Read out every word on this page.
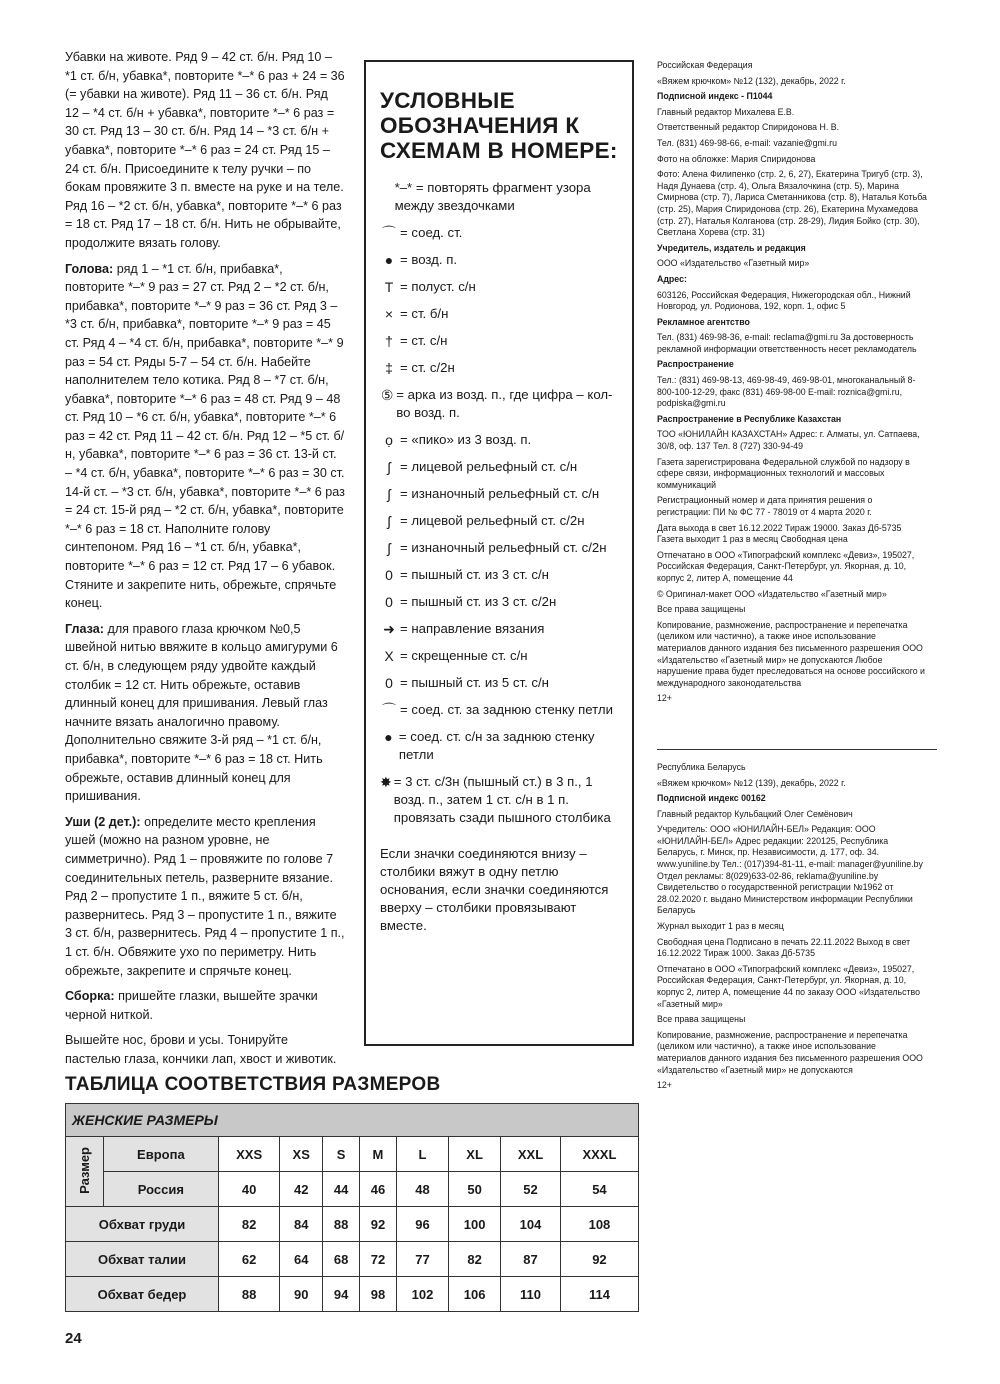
Убавки на животе. Ряд 9 – 42 ст. б/н. Ряд 10 – *1 ст. б/н, убавка*, повторите *–* 6 раз + 24 = 36 (= убавки на животе). Ряд 11 – 36 ст. б/н. Ряд 12 – *4 ст. б/н + убавка*, повторите *–* 6 раз = 30 ст. Ряд 13 – 30 ст. б/н. Ряд 14 – *3 ст. б/н + убавка*, повторите *–* 6 раз = 24 ст. Ряд 15 – 24 ст. б/н. Присоедините к телу ручки – по бокам провяжите 3 п. вместе на руке и на теле. Ряд 16 – *2 ст. б/н, убавка*, повторите *–* 6 раз = 18 ст. Ряд 17 – 18 ст. б/н. Нить не обрывайте, продолжите вязать голову.

Голова: ряд 1 – *1 ст. б/н, прибавка*, повторите *–* 9 раз = 27 ст. Ряд 2 – *2 ст. б/н, прибавка*, повторите *–* 9 раз = 36 ст. Ряд 3 – *3 ст. б/н, прибавка*, повторите *–* 9 раз = 45 ст. Ряд 4 – *4 ст. б/н, прибавка*, повторите *–* 9 раз = 54 ст. Ряды 5-7 – 54 ст. б/н. Набейте наполнителем тело котика. Ряд 8 – *7 ст. б/н, убавка*, повторите *–* 6 раз = 48 ст. Ряд 9 – 48 ст. Ряд 10 – *6 ст. б/н, убавка*, повторите *–* 6 раз = 42 ст. Ряд 11 – 42 ст. б/н. Ряд 12 – *5 ст. б/н, убавка*, повторите *–* 6 раз = 36 ст. 13-й ст. – *4 ст. б/н, убавка*, повторите *–* 6 раз = 30 ст. 14-й ст. – *3 ст. б/н, убавка*, повторите *–* 6 раз = 24 ст. 15-й ряд – *2 ст. б/н, убавка*, повторите *–* 6 раз = 18 ст. Наполните голову синтепоном. Ряд 16 – *1 ст. б/н, убавка*, повторите *–* 6 раз = 12 ст. Ряд 17 – 6 убавок. Стяните и закрепите нить, обрежьте, спрячьте конец.

Глаза: для правого глаза крючком №0,5 швейной нитью ввяжите в кольцо амигуруми 6 ст. б/н, в следующем ряду удвойте каждый столбик = 12 ст. Нить обрежьте, оставив длинный конец для пришивания. Левый глаз начните вязать аналогично правому. Дополнительно свяжите 3-й ряд – *1 ст. б/н, прибавка*, повторите *–* 6 раз = 18 ст. Нить обрежьте, оставив длинный конец для пришивания.

Уши (2 дет.): определите место крепления ушей (можно на разном уровне, не симметрично). Ряд 1 – провяжите по голове 7 соединительных петель, разверните вязание. Ряд 2 – пропустите 1 п., вяжите 5 ст. б/н, развернитесь. Ряд 3 – пропустите 1 п., вяжите 3 ст. б/н, развернитесь. Ряд 4 – пропустите 1 п., 1 ст. б/н. Обвяжите ухо по периметру. Нить обрежьте, закрепите и спрячьте конец.

Сборка: пришейте глазки, вышейте зрачки черной ниткой.

Вышейте нос, брови и усы. Тонируйте пастелью глаза, кончики лап, хвост и животик.

УСЛОВНЫЕ ОБОЗНАЧЕНИЯ К СХЕМАМ В НОМЕРЕ:
*–* = повторять фрагмент узора между звездочками
⌒ = соед. ст.
● = возд. п.
T = полуст. с/н
× = ст. б/н
† = ст. с/н
‡ = ст. с/2н
⑤ = арка из возд. п., где цифра – кол-во возд. п.
ọ = «пико» из 3 возд. п.
ʃ = лицевой рельефный ст. с/н
ʃ = изнаночный рельефный ст. с/н
ʃ = лицевой рельефный ст. с/2н
ʃ = изнаночный рельефный ст. с/2н
0 = пышный ст. из 3 ст. с/н
0 = пышный ст. из 3 ст. с/2н
➜ = направление вязания
X = скрещенные ст. с/н
0 = пышный ст. из 5 ст. с/н
⌒ = соед. ст. за заднюю стенку петли
● = соед. ст. с/н за заднюю стенку петли
✸ = 3 ст. с/3н (пышный ст.) в 3 п., 1 возд. п., затем 1 ст. с/н в 1 п. провязать сзади пышного столбика
Если значки соединяются внизу – столбики вяжут в одну петлю основания, если значки соединяются вверху – столбики провязывают вместе.
Российская Федерация
«Вяжем крючком» №12 (132), декабрь, 2022 г.
Подписной индекс - П1044
Главный редактор Михалева Е.В.
Ответственный редактор Спиридонова Н. В.
Тел. (831) 469-98-66, e-mail: vazanie@gmi.ru
Фото на обложке: Мария Спиридонова
Фото: Алена Филипенко (стр. 2, 6, 27), Екатерина Тригуб (стр. 3), Надя Дунаева (стр. 4), Ольга Вязалочкина (стр. 5), Марина Смирнова (стр. 7), Лариса Сметанникова (стр. 8), Наталья Котьба (стр. 25), Мария Спиридонова (стр. 26), Екатерина Мухамедова (стр. 27), Наталья Колганова (стр. 28-29), Лидия Бойко (стр. 30), Светлана Хорева (стр. 31)
Учредитель, издатель и редакция
ООО «Издательство «Газетный мир»
Адрес:
603126, Российская Федерация, Нижегородская обл., Нижний Новгород, ул. Родионова, 192, корп. 1, офис 5
Рекламное агентство
Тел. (831) 469-98-36, e-mail: reclama@gmi.ru За достоверность рекламной информации ответственность несет рекламодатель
Распространение
Тел.: (831) 469-98-13, 469-98-49, 469-98-01, многоканальный 8-800-100-12-29, факс (831) 469-98-00 E-mail: roznica@gmi.ru, podpiska@gmi.ru
Распространение в Республике Казахстан
ТОО «ЮНИЛАЙН КАЗАХСТАН» Адрес: г. Алматы, ул. Сатпаева, 30/8, оф. 137 Тел. 8 (727) 330-94-49
Газета зарегистрирована Федеральной службой по надзору в сфере связи, информационных технологий и массовых коммуникаций
Регистрационный номер и дата принятия решения о регистрации: ПИ № ФС 77 - 78019 от 4 марта 2020 г.
Дата выхода в свет 16.12.2022 Тираж 19000. Заказ Дб-5735 Газета выходит 1 раз в месяц Свободная цена
Отпечатано в ООО «Типографский комплекс «Девиз», 195027, Российская Федерация, Санкт-Петербург, ул. Якорная, д. 10, корпус 2, литер А, помещение 44
© Оригинал-макет ООО «Издательство «Газетный мир»
Все права защищены
Копирование, размножение, распространение и перепечатка (целиком или частично), а также иное использование материалов данного издания без письменного разрешения ООО «Издательство «Газетный мир» не допускаются Любое нарушение права будет преследоваться на основе российского и международного законодательства
12+
Республика Беларусь
«Вяжем крючком» №12 (139), декабрь, 2022 г.
Подписной индекс 00162
Главный редактор Кульбацкий Олег Семёнович
Учредитель: ООО «ЮНИЛАЙН-БЕЛ» Редакция: ООО «ЮНИЛАЙН-БЕЛ» Адрес редакции: 220125, Республика Беларусь, г. Минск, пр. Независимости, д. 177, оф. 34. www.yuniline.by Тел.: (017)394-81-11, e-mail: manager@yuniline.by Отдел рекламы: 8(029)633-02-86, reklama@yuniline.by Свидетельство о государственной регистрации №1962 от 28.02.2020 г. выдано Министерством информации Республики Беларусь
Журнал выходит 1 раз в месяц
Свободная цена Подписано в печать 22.11.2022 Выход в свет 16.12.2022 Тираж 1000. Заказ Дб-5735
Отпечатано в ООО «Типографский комплекс «Девиз», 195027, Российская Федерация, Санкт-Петербург, ул. Якорная, д. 10, корпус 2, литер А, помещение 44 по заказу ООО «Издательство «Газетный мир»
Все права защищены
Копирование, размножение, распространение и перепечатка (целиком или частично), а также иное использование материалов данного издания без письменного разрешения ООО «Издательство «Газетный мир» не допускаются
12+
ТАБЛИЦА СООТВЕТСТВИЯ РАЗМЕРОВ
ЖЕНСКИЕ РАЗМЕРЫ									
Размер	Европа	XXS	XS	S	M	L	XL	XXL	XXXL
	Россия	40	42	44	46	48	50	52	54
Обхват груди		82	84	88	92	96	100	104	108
Обхват талии		62	64	68	72	77	82	87	92
Обхват бедер		88	90	94	98	102	106	110	114
24
